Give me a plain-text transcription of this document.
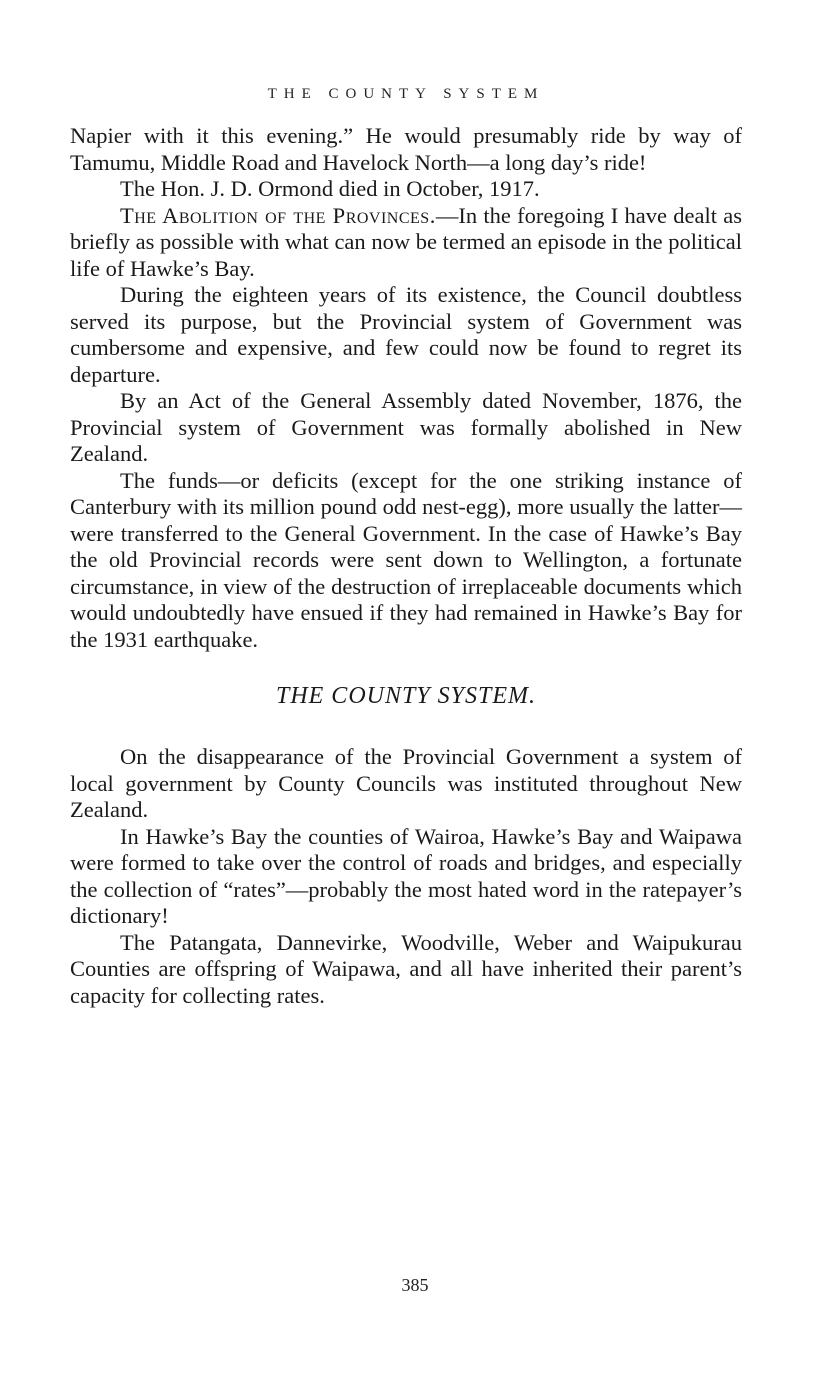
THE COUNTY SYSTEM

Napier with it this evening.” He would presumably ride by way of Tamumu, Middle Road and Havelock North—a long day’s ride!

The Hon. J. D. Ormond died in October, 1917.

The Abolition of the Provinces.—In the foregoing I have dealt as briefly as possible with what can now be termed an episode in the political life of Hawke’s Bay.

During the eighteen years of its existence, the Council doubtless served its purpose, but the Provincial system of Government was cumbersome and expensive, and few could now be found to regret its departure.

By an Act of the General Assembly dated November, 1876, the Provincial system of Government was formally abolished in New Zealand.

The funds—or deficits (except for the one striking instance of Canterbury with its million pound odd nest-egg), more usually the latter—were transferred to the General Government. In the case of Hawke’s Bay the old Provincial records were sent down to Wellington, a fortunate circumstance, in view of the destruction of irreplaceable documents which would undoubtedly have ensued if they had remained in Hawke’s Bay for the 1931 earthquake.

THE COUNTY SYSTEM.

On the disappearance of the Provincial Government a system of local government by County Councils was instituted throughout New Zealand.

In Hawke’s Bay the counties of Wairoa, Hawke’s Bay and Waipawa were formed to take over the control of roads and bridges, and especially the collection of “rates”—probably the most hated word in the ratepayer’s dictionary!

The Patangata, Dannevirke, Woodville, Weber and Waipukurau Counties are offspring of Waipawa, and all have inherited their parent’s capacity for collecting rates.

385
